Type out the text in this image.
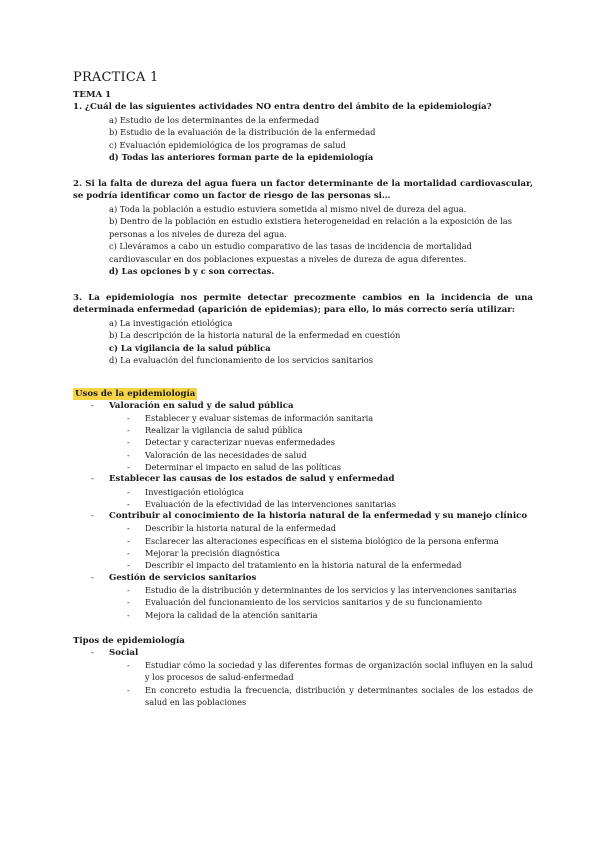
PRACTICA 1
TEMA 1
1. ¿Cuál de las siguientes actividades NO entra dentro del ámbito de la epidemiología?
a) Estudio de los determinantes de la enfermedad
b) Estudio de la evaluación de la distribución de la enfermedad
c) Evaluación epidemiológica de los programas de salud
d) Todas las anteriores forman parte de la epidemiología
2. Si la falta de dureza del agua fuera un factor determinante de la mortalidad cardiovascular, se podría identificar como un factor de riesgo de las personas si…
a) Toda la población a estudio estuviera sometida al mismo nivel de dureza del agua.
b) Dentro de la población en estudio existiera heterogeneidad en relación a la exposición de las personas a los niveles de dureza del agua.
c) Lleváramos a cabo un estudio comparativo de las tasas de incidencia de mortalidad cardiovascular en dos poblaciones expuestas a niveles de dureza de agua diferentes.
d) Las opciones b y c son correctas.
3. La epidemiología nos permite detectar precozmente cambios en la incidencia de una determinada enfermedad (aparición de epidemias); para ello, lo más correcto sería utilizar:
a) La investigación etiológica
b) La descripción de la historia natural de la enfermedad en cuestión
c) La vigilancia de la salud pública
d) La evaluación del funcionamiento de los servicios sanitarios
Usos de la epidemiología
- Valoración en salud y de salud pública
- Establecer y evaluar sistemas de información sanitaria
- Realizar la vigilancia de salud pública
- Detectar y caracterizar nuevas enfermedades
- Valoración de las necesidades de salud
- Determinar el impacto en salud de las políticas
- Establecer las causas de los estados de salud y enfermedad
- Investigación etiológica
- Evaluación de la efectividad de las intervenciones sanitarias
- Contribuir al conocimiento de la historia natural de la enfermedad y su manejo clínico
- Describir la historia natural de la enfermedad
- Esclarecer las alteraciones específicas en el sistema biológico de la persona enferma
- Mejorar la precisión diagnóstica
- Describir el impacto del tratamiento en la historia natural de la enfermedad
- Gestión de servicios sanitarios
- Estudio de la distribución y determinantes de los servicios y las intervenciones sanitarias
- Evaluación del funcionamiento de los servicios sanitarios y de su funcionamiento
- Mejora la calidad de la atención sanitaria
Tipos de epidemiología
- Social
- Estudiar cómo la sociedad y las diferentes formas de organización social influyen en la salud y los procesos de salud-enfermedad
- En concreto estudia la frecuencia, distribución y determinantes sociales de los estados de salud en las poblaciones
